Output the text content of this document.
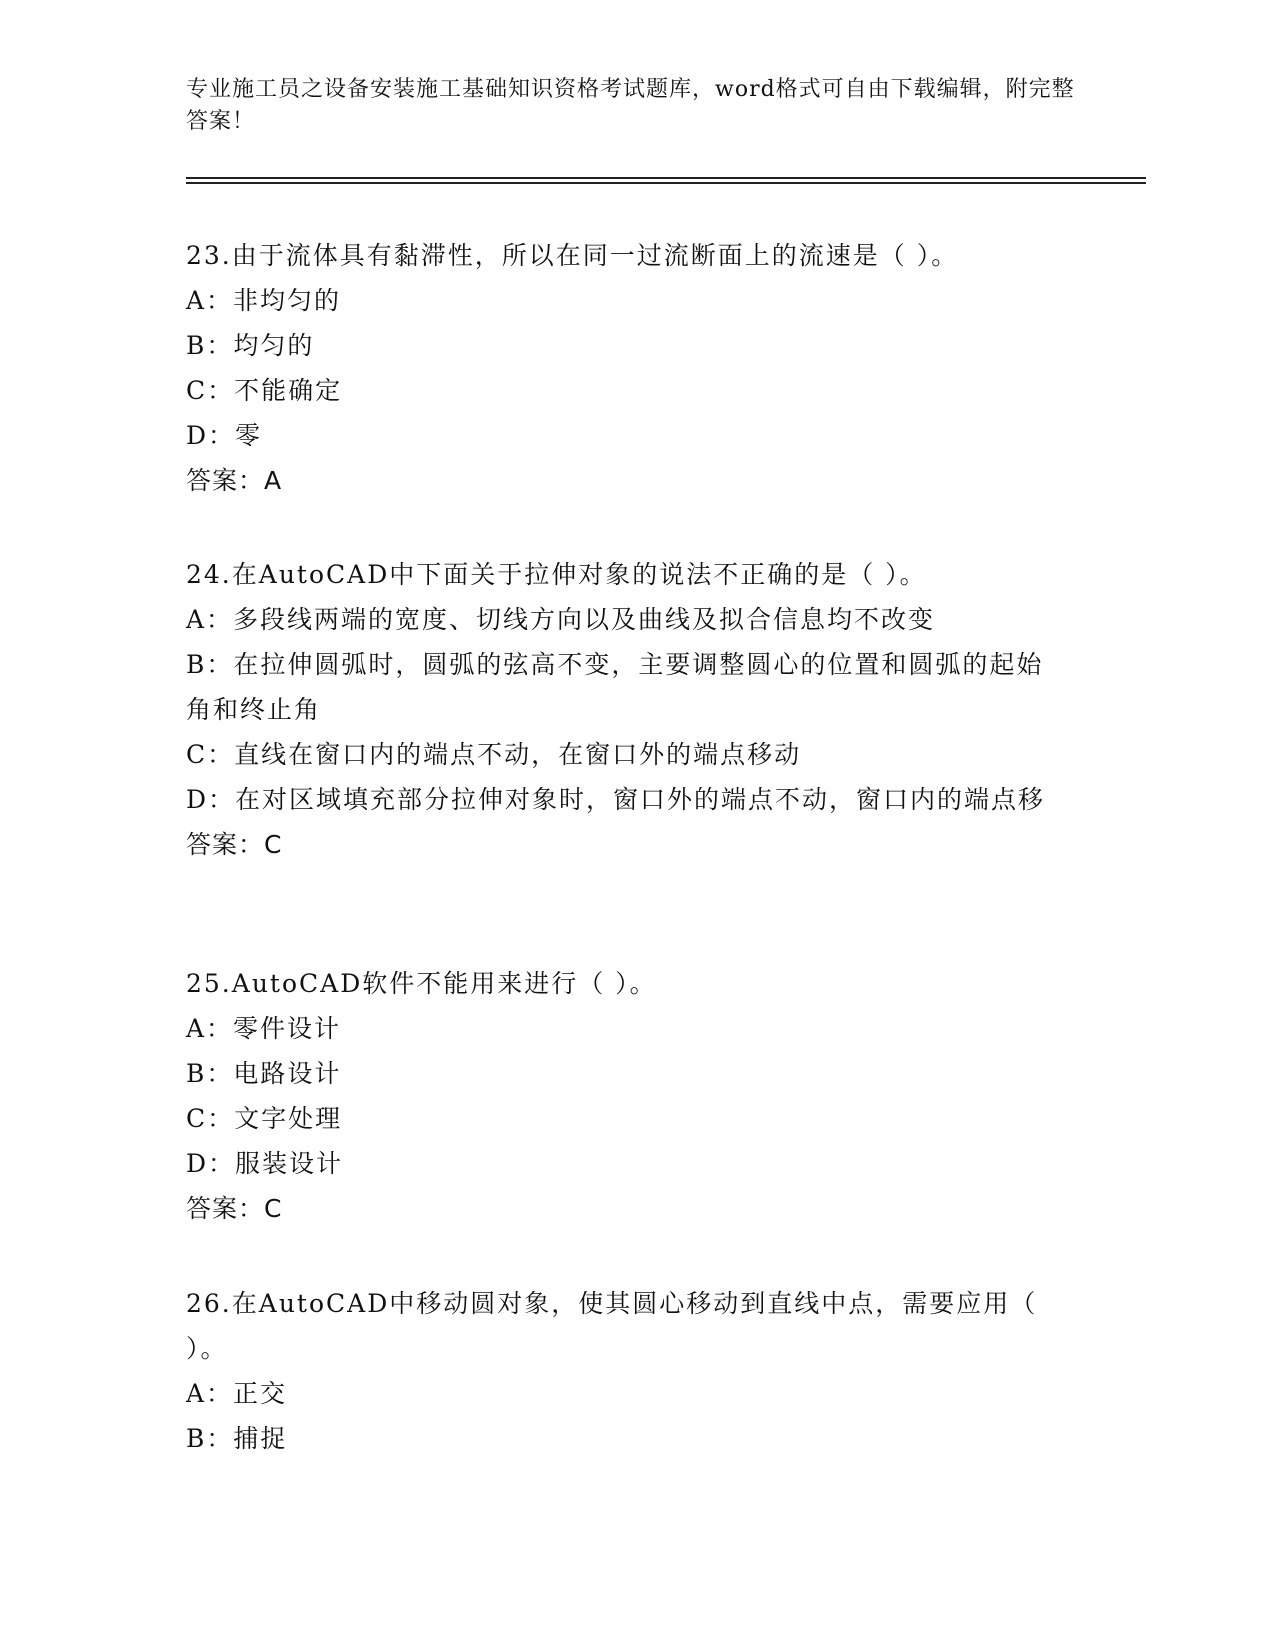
专业施工员之设备安装施工基础知识资格考试题库，word格式可自由下载编辑，附完整答案！
23.由于流体具有黏滞性，所以在同一过流断面上的流速是（ ）。
A：非均匀的
B：均匀的
C：不能确定
D：零
答案：A
24.在AutoCAD中下面关于拉伸对象的说法不正确的是（ ）。
A：多段线两端的宽度、切线方向以及曲线及拟合信息均不改变
B：在拉伸圆弧时，圆弧的弦高不变，主要调整圆心的位置和圆弧的起始角和终止角
C：直线在窗口内的端点不动，在窗口外的端点移动
D：在对区域填充部分拉伸对象时，窗口外的端点不动，窗口内的端点移
答案：C
25.AutoCAD软件不能用来进行（ ）。
A：零件设计
B：电路设计
C：文字处理
D：服装设计
答案：C
26.在AutoCAD中移动圆对象，使其圆心移动到直线中点，需要应用（ ）。
A：正交
B：捕捉
